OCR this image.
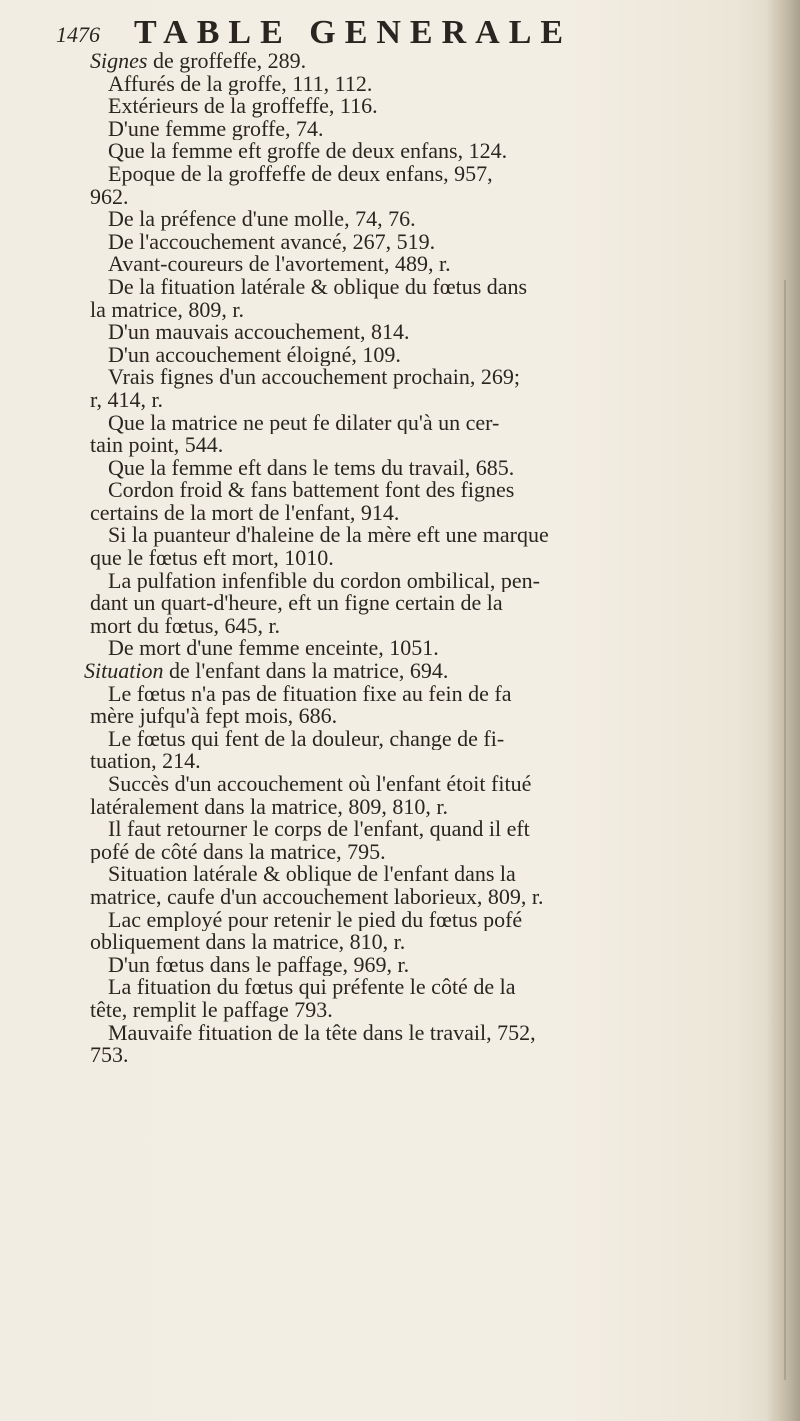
1476 TABLE GENERALE
Signes de groffeffe, 289.
Affurés de la groffe, 111, 112.
Extérieurs de la groffeffe, 116.
D'une femme groffe, 74.
Que la femme eft groffe de deux enfans, 124.
Epoque de la groffeffe de deux enfans, 957,
962.
De la préfence d'une molle, 74, 76.
De l'accouchement avancé, 267, 519.
Avant-coureurs de l'avortement, 489, r.
De la fituation latérale & oblique du fœtus dans
la matrice, 809, r.
D'un mauvais accouchement, 814.
D'un accouchement éloigné, 109.
Vrais fignes d'un accouchement prochain, 269;
r, 414, r.
Que la matrice ne peut fe dilater qu'à un cer-
tain point, 544.
Que la femme eft dans le tems du travail, 685.
Cordon froid & fans battement font des fignes
certains de la mort de l'enfant, 914.
Si la puanteur d'haleine de la mère eft une marque
que le fœtus eft mort, 1010.
La pulfation infenfible du cordon ombilical, pen-
dant un quart-d'heure, eft un figne certain de la
mort du fœtus, 645, r.
De mort d'une femme enceinte, 1051.
Situation de l'enfant dans la matrice, 694.
Le fœtus n'a pas de fituation fixe au fein de fa
mère jufqu'à fept mois, 686.
Le fœtus qui fent de la douleur, change de fi-
tuation, 214.
Succès d'un accouchement où l'enfant étoit fitué
latéralement dans la matrice, 809, 810, r.
Il faut retourner le corps de l'enfant, quand il eft
pofé de côté dans la matrice, 795.
Situation latérale & oblique de l'enfant dans la
matrice, caufe d'un accouchement laborieux, 809, r.
Lac employé pour retenir le pied du fœtus pofé
obliquement dans la matrice, 810, r.
D'un fœtus dans le paffage, 969, r.
La fituation du fœtus qui préfente le côté de la
tête, remplit le paffage 793.
Mauvaife fituation de la tête dans le travail, 752,
753.
